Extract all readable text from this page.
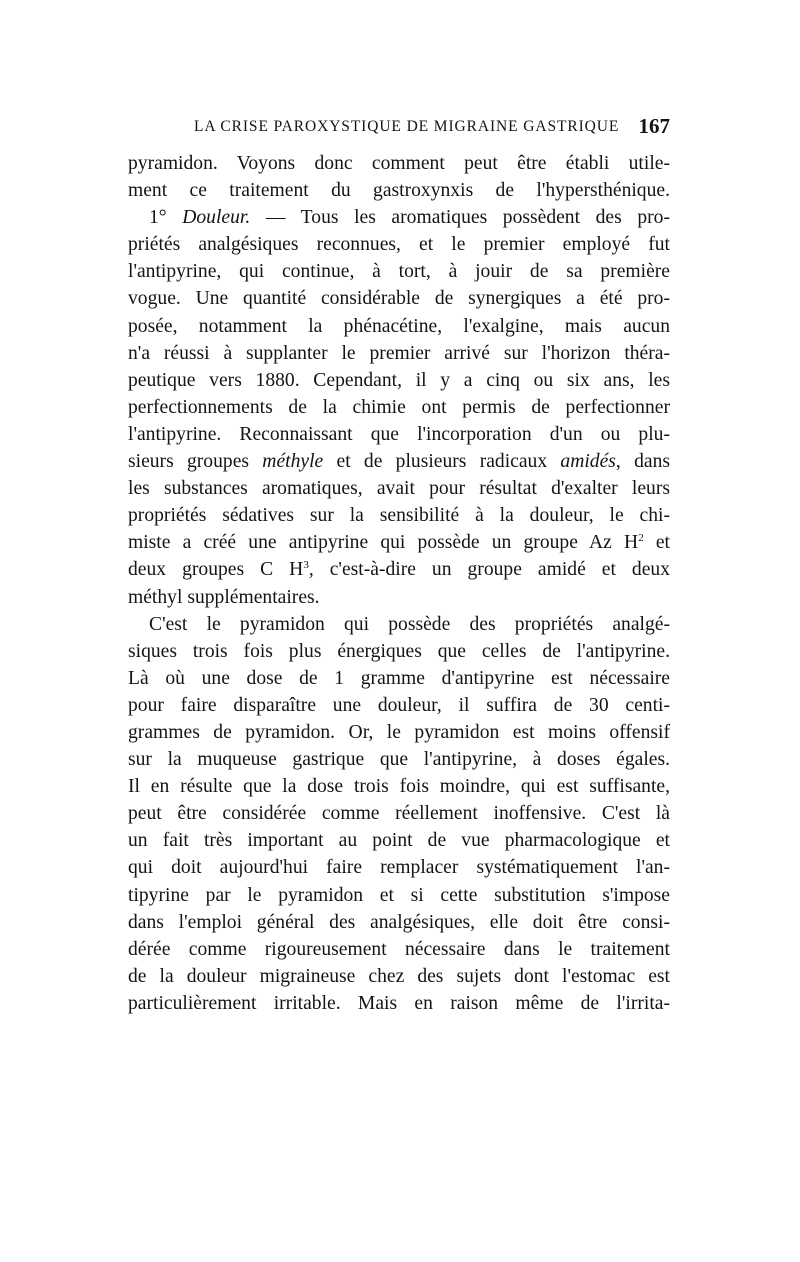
LA CRISE PAROXYSTIQUE DE MIGRAINE GASTRIQUE 167
pyramidon. Voyons donc comment peut être établi utile-
ment ce traitement du gastroxynxis de l'hypersthénique.
1° Douleur. — Tous les aromatiques possèdent des pro-
priétés analgésiques reconnues, et le premier employé fut
l'antipyrine, qui continue, à tort, à jouir de sa première
vogue. Une quantité considérable de synergiques a été pro-
posée, notamment la phénacétine, l'exalgine, mais aucun
n'a réussi à supplanter le premier arrivé sur l'horizon théra-
peutique vers 1880. Cependant, il y a cinq ou six ans, les
perfectionnements de la chimie ont permis de perfectionner
l'antipyrine. Reconnaissant que l'incorporation d'un ou plu-
sieurs groupes méthyle et de plusieurs radicaux amidés, dans
les substances aromatiques, avait pour résultat d'exalter leurs
propriétés sédatives sur la sensibilité à la douleur, le chi-
miste a créé une antipyrine qui possède un groupe Az $H^2$ et
deux groupes C $H^3$, c'est-à-dire un groupe amidé et deux
méthyl supplémentaires.
C'est le pyramidon qui possède des propriétés analgé-
siques trois fois plus énergiques que celles de l'antipyrine.
Là où une dose de 1 gramme d'antipyrine est nécessaire
pour faire disparaître une douleur, il suffira de 30 centi-
grammes de pyramidon. Or, le pyramidon est moins offensif
sur la muqueuse gastrique que l'antipyrine, à doses égales.
Il en résulte que la dose trois fois moindre, qui est suffisante,
peut être considérée comme réellement inoffensive. C'est là
un fait très important au point de vue pharmacologique et
qui doit aujourd'hui faire remplacer systématiquement l'an-
tipyrine par le pyramidon et si cette substitution s'impose
dans l'emploi général des analgésiques, elle doit être consi-
dérée comme rigoureusement nécessaire dans le traitement
de la douleur migraineuse chez des sujets dont l'estomac est
particulièrement irritable. Mais en raison même de l'irrita-
